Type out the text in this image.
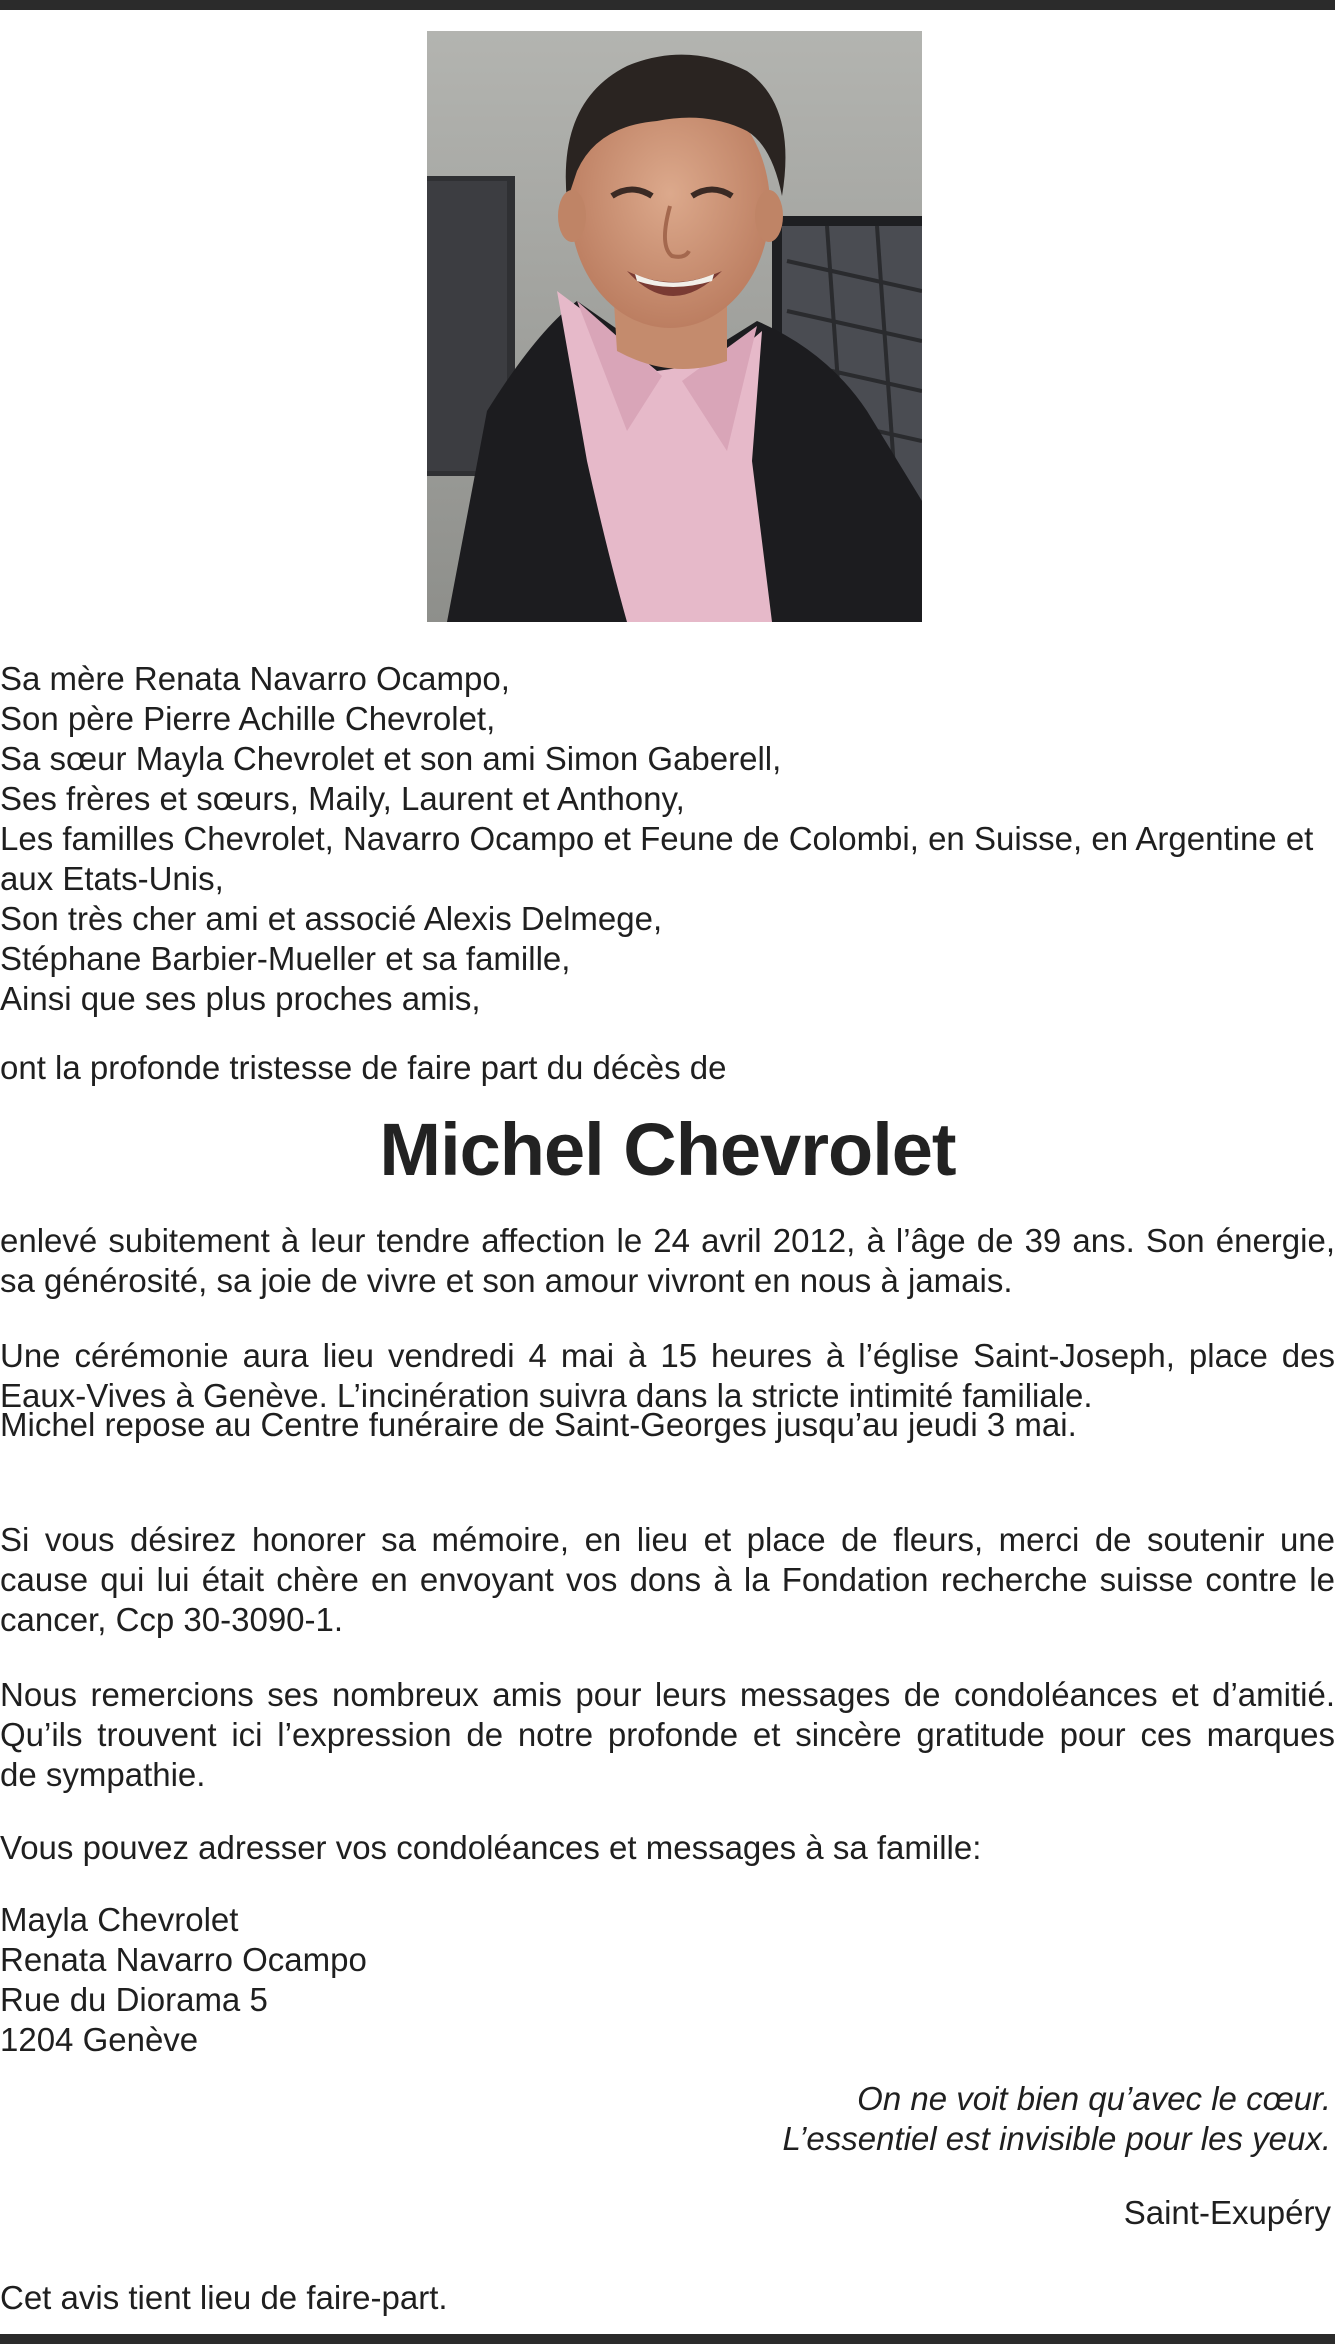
Sa mère Renata Navarro Ocampo,
Son père Pierre Achille Chevrolet,
Sa sœur Mayla Chevrolet et son ami Simon Gaberell,
Ses frères et sœurs, Maily, Laurent et Anthony,
Les familles Chevrolet, Navarro Ocampo et Feune de Colombi, en Suisse, en Argentine et
aux Etats-Unis,
Son très cher ami et associé Alexis Delmege,
Stéphane Barbier-Mueller et sa famille,
Ainsi que ses plus proches amis,
ont la profonde tristesse de faire part du décès de
Michel Chevrolet
enlevé subitement à leur tendre affection le 24 avril 2012, à l’âge de 39 ans. Son énergie,
sa générosité, sa joie de vivre et son amour vivront en nous à jamais.
Une cérémonie aura lieu vendredi 4 mai à 15 heures à l’église Saint-Joseph, place des
Eaux-Vives à Genève. L’incinération suivra dans la stricte intimité familiale.
Michel repose au Centre funéraire de Saint-Georges jusqu’au jeudi 3 mai.
Si vous désirez honorer sa mémoire, en lieu et place de fleurs, merci de soutenir une
cause qui lui était chère en envoyant vos dons à la Fondation recherche suisse contre le
cancer, Ccp 30-3090-1.
Nous remercions ses nombreux amis pour leurs messages de condoléances et d’amitié.
Qu’ils trouvent ici l’expression de notre profonde et sincère gratitude pour ces marques
de sympathie.
Vous pouvez adresser vos condoléances et messages à sa famille:
Mayla Chevrolet
Renata Navarro Ocampo
Rue du Diorama 5
1204 Genève
On ne voit bien qu’avec le cœur.
L’essentiel est invisible pour les yeux.
Saint-Exupéry
Cet avis tient lieu de faire-part.
